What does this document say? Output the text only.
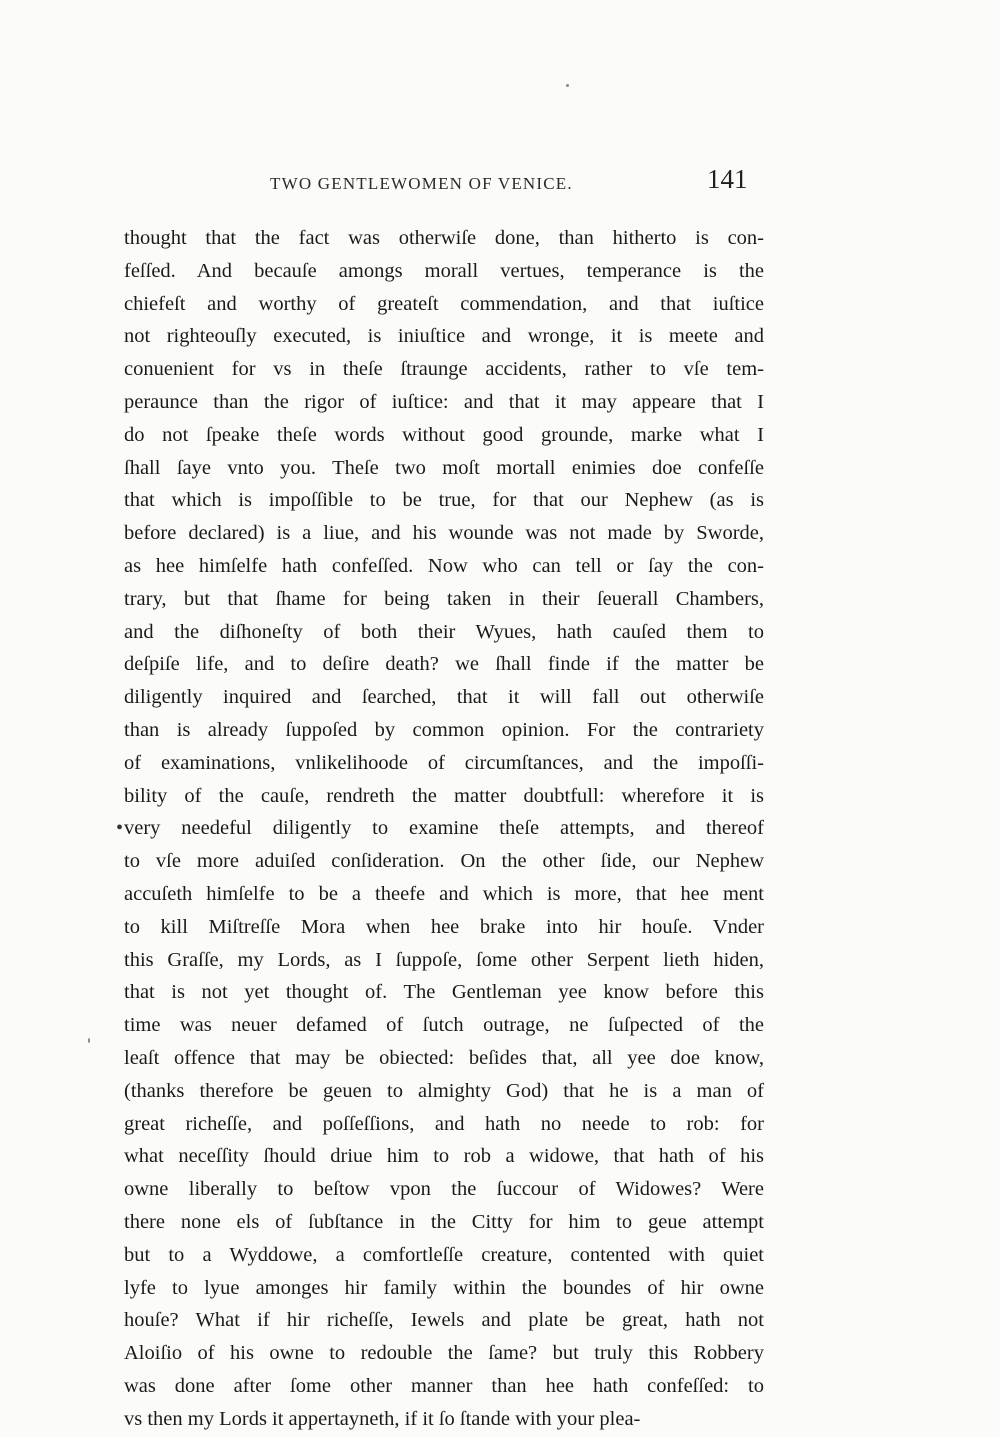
TWO GENTLEWOMEN OF VENICE.	141
•
thought that the fact was otherwiſe done, than hitherto is con-
feſſed. And becauſe amongs morall vertues, temperance is the
chiefeſt and worthy of greateſt commendation, and that iuſtice
not righteouſly executed, is iniuſtice and wronge, it is meete and
conuenient for vs in theſe ſtraunge accidents, rather to vſe tem-
peraunce than the rigor of iuſtice: and that it may appeare that I
do not ſpeake theſe words without good grounde, marke what I
ſhall ſaye vnto you. Theſe two moſt mortall enimies doe confeſſe
that which is impoſſible to be true, for that our Nephew (as is
before declared) is a liue, and his wounde was not made by Sworde,
as hee himſelfe hath confeſſed. Now who can tell or ſay the con-
trary, but that ſhame for being taken in their ſeuerall Chambers,
and the diſhoneſty of both their Wyues, hath cauſed them to
deſpiſe life, and to deſire death? we ſhall finde if the matter be
diligently inquired and ſearched, that it will fall out otherwiſe
than is already ſuppoſed by common opinion. For the contrariety
of examinations, vnlikelihoode of circumſtances, and the impoſſi-
bility of the cauſe, rendreth the matter doubtfull: wherefore it is
very needeful diligently to examine theſe attempts, and thereof
to vſe more aduiſed conſideration. On the other ſide, our Nephew
accuſeth himſelfe to be a theefe and which is more, that hee ment
to kill Miſtreſſe Mora when hee brake into hir houſe. Vnder
this Graſſe, my Lords, as I ſuppoſe, ſome other Serpent lieth hiden,
that is not yet thought of. The Gentleman yee know before this
time was neuer defamed of ſutch outrage, ne ſuſpected of the
leaſt offence that may be obiected: beſides that, all yee doe know,
(thanks therefore be geuen to almighty God) that he is a man of
great richeſſe, and poſſeſſions, and hath no neede to rob: for
what neceſſity ſhould driue him to rob a widowe, that hath of his
owne liberally to beſtow vpon the ſuccour of Widowes? Were
there none els of ſubſtance in the Citty for him to geue attempt
but to a Wyddowe, a comfortleſſe creature, contented with quiet
lyfe to lyue amonges hir family within the boundes of hir owne
houſe? What if hir richeſſe, Iewels and plate be great, hath not
Aloiſio of his owne to redouble the ſame? but truly this Robbery
was done after ſome other manner than hee hath confeſſed: to
vs then my Lords it appertayneth, if it ſo ſtande with your plea-
